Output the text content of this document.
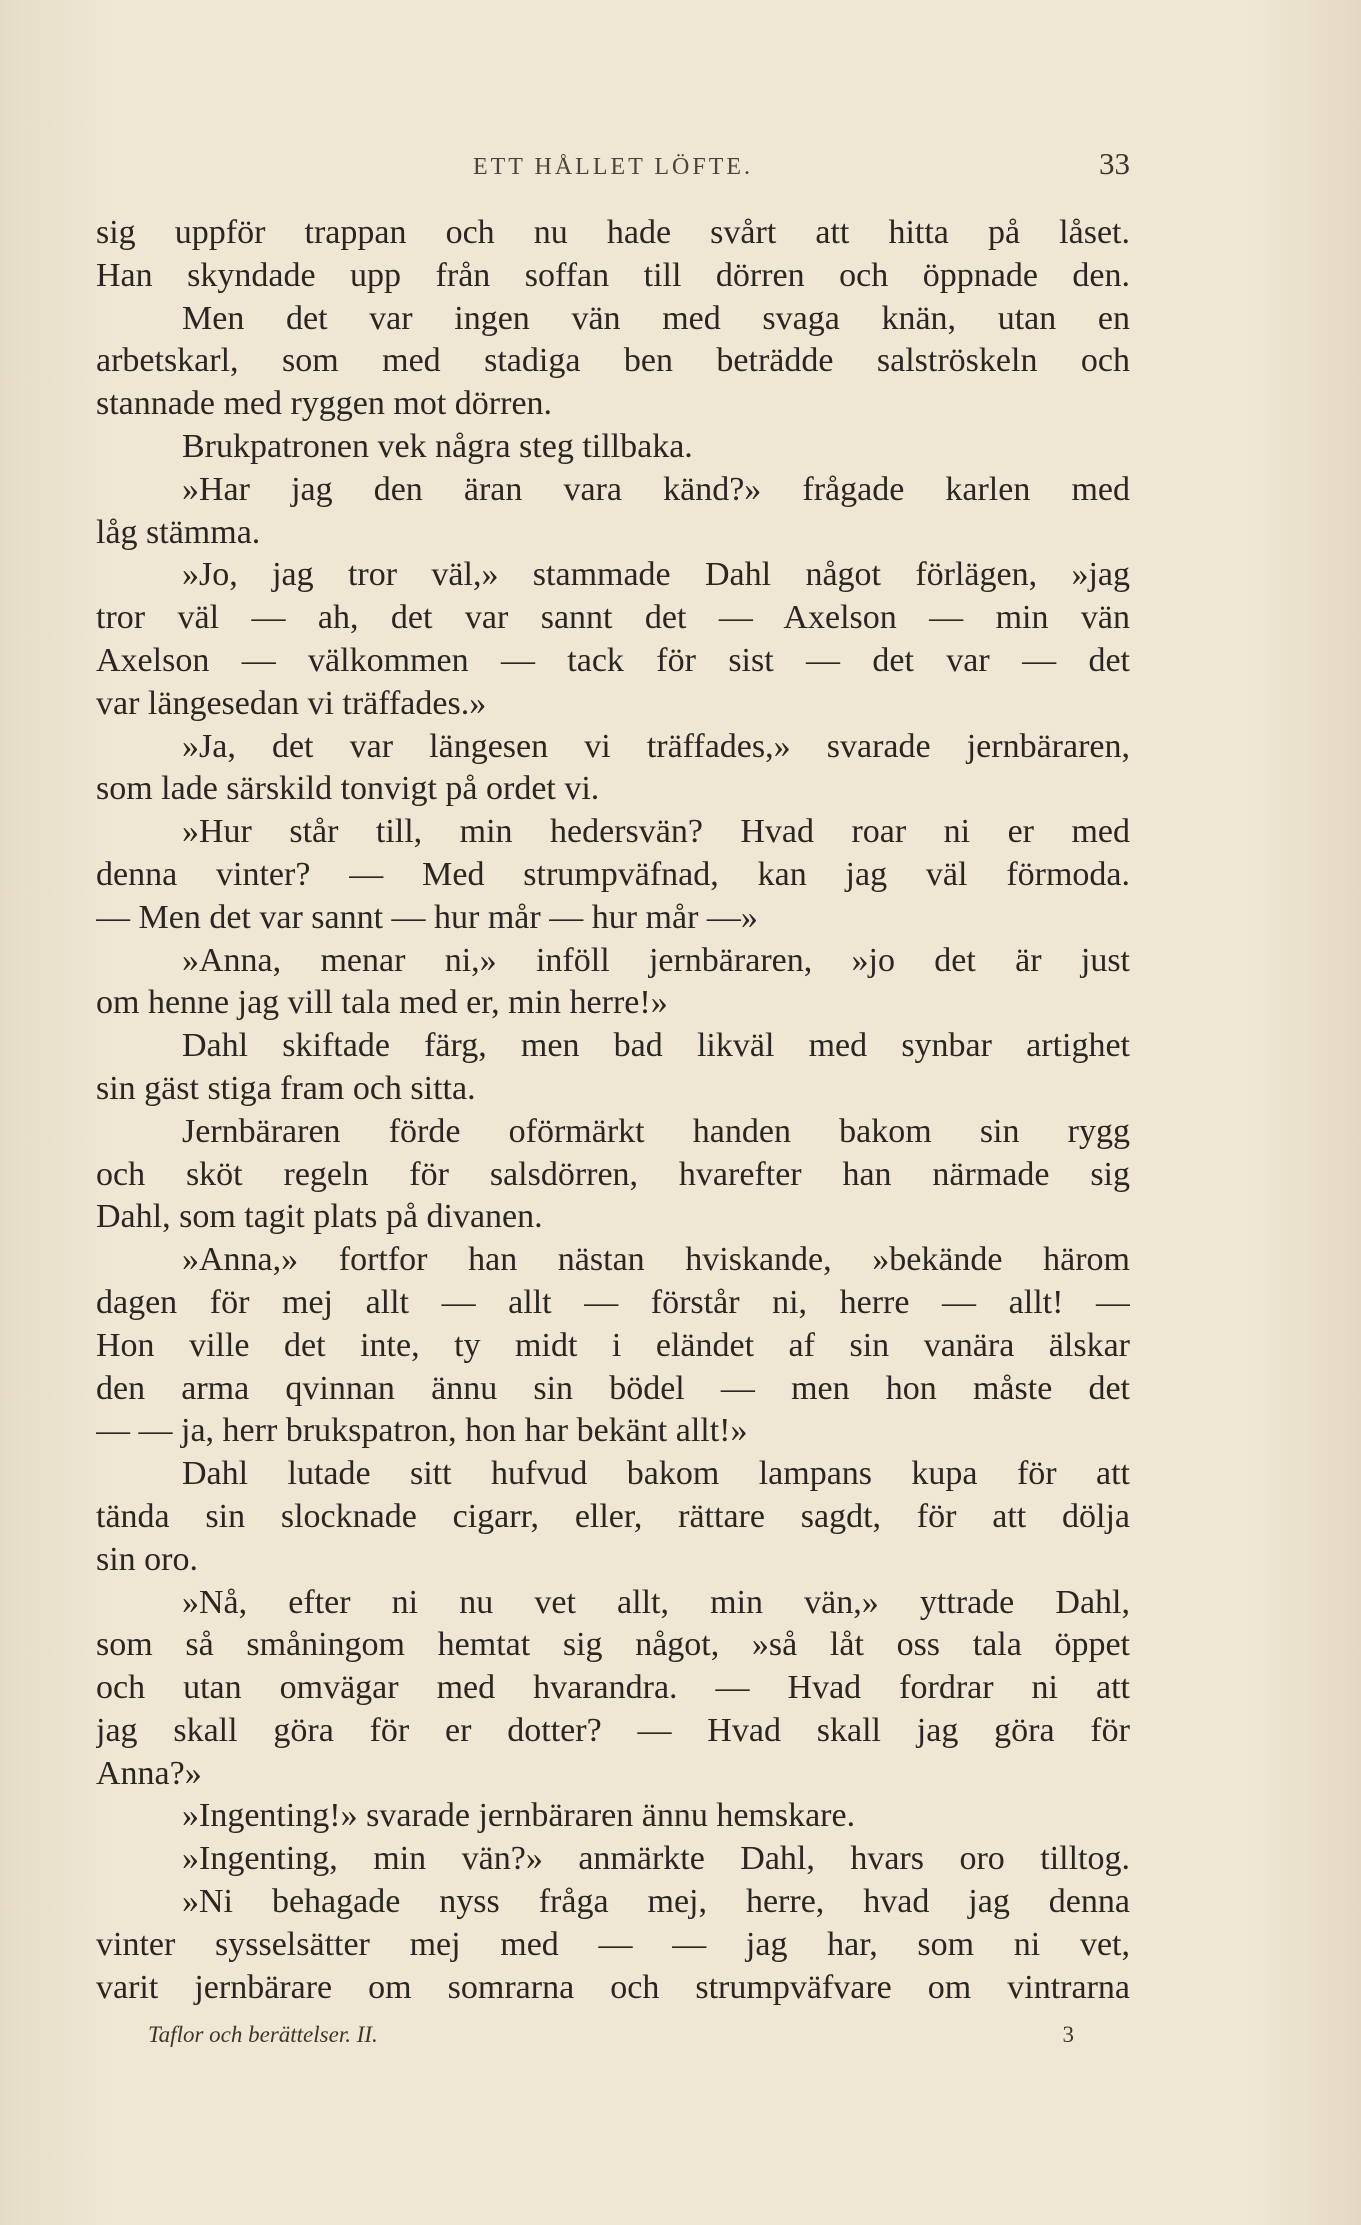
ETT HÅLLET LÖFTE.	33
sig uppför trappan och nu hade svårt att hitta på låset.
Han skyndade upp från soffan till dörren och öppnade den.
Men det var ingen vän med svaga knän, utan en
arbetskarl, som med stadiga ben beträdde salströskeln och
stannade med ryggen mot dörren.
Brukpatronen vek några steg tillbaka.
»Har jag den äran vara känd?» frågade karlen med
låg stämma.
»Jo, jag tror väl,» stammade Dahl något förlägen, »jag
tror väl — ah, det var sannt det — Axelson — min vän
Axelson — välkommen — tack för sist — det var — det
var längesedan vi träffades.»
»Ja, det var längesen vi träffades,» svarade jernbäraren,
som lade särskild tonvigt på ordet vi.
»Hur står till, min hedersvän? Hvad roar ni er med
denna vinter? — Med strumpväfnad, kan jag väl förmoda.
— Men det var sannt — hur mår — hur mår —»
»Anna, menar ni,» inföll jernbäraren, »jo det är just
om henne jag vill tala med er, min herre!»
Dahl skiftade färg, men bad likväl med synbar artighet
sin gäst stiga fram och sitta.
Jernbäraren förde oförmärkt handen bakom sin rygg
och sköt regeln för salsdörren, hvarefter han närmade sig
Dahl, som tagit plats på divanen.
»Anna,» fortfor han nästan hviskande, »bekände härom
dagen för mej allt — allt — förstår ni, herre — allt! —
Hon ville det inte, ty midt i eländet af sin vanära älskar
den arma qvinnan ännu sin bödel — men hon måste det
— — ja, herr brukspatron, hon har bekänt allt!»
Dahl lutade sitt hufvud bakom lampans kupa för att
tända sin slocknade cigarr, eller, rättare sagdt, för att dölja
sin oro.
»Nå, efter ni nu vet allt, min vän,» yttrade Dahl,
som så småningom hemtat sig något, »så låt oss tala öppet
och utan omvägar med hvarandra. — Hvad fordrar ni att
jag skall göra för er dotter? — Hvad skall jag göra för
Anna?»
»Ingenting!» svarade jernbäraren ännu hemskare.
»Ingenting, min vän?» anmärkte Dahl, hvars oro tilltog.
»Ni behagade nyss fråga mej, herre, hvad jag denna
vinter sysselsätter mej med — — jag har, som ni vet,
varit jernbärare om somrarna och strumpväfvare om vintrarna
Taflor och berättelser. II.	3
